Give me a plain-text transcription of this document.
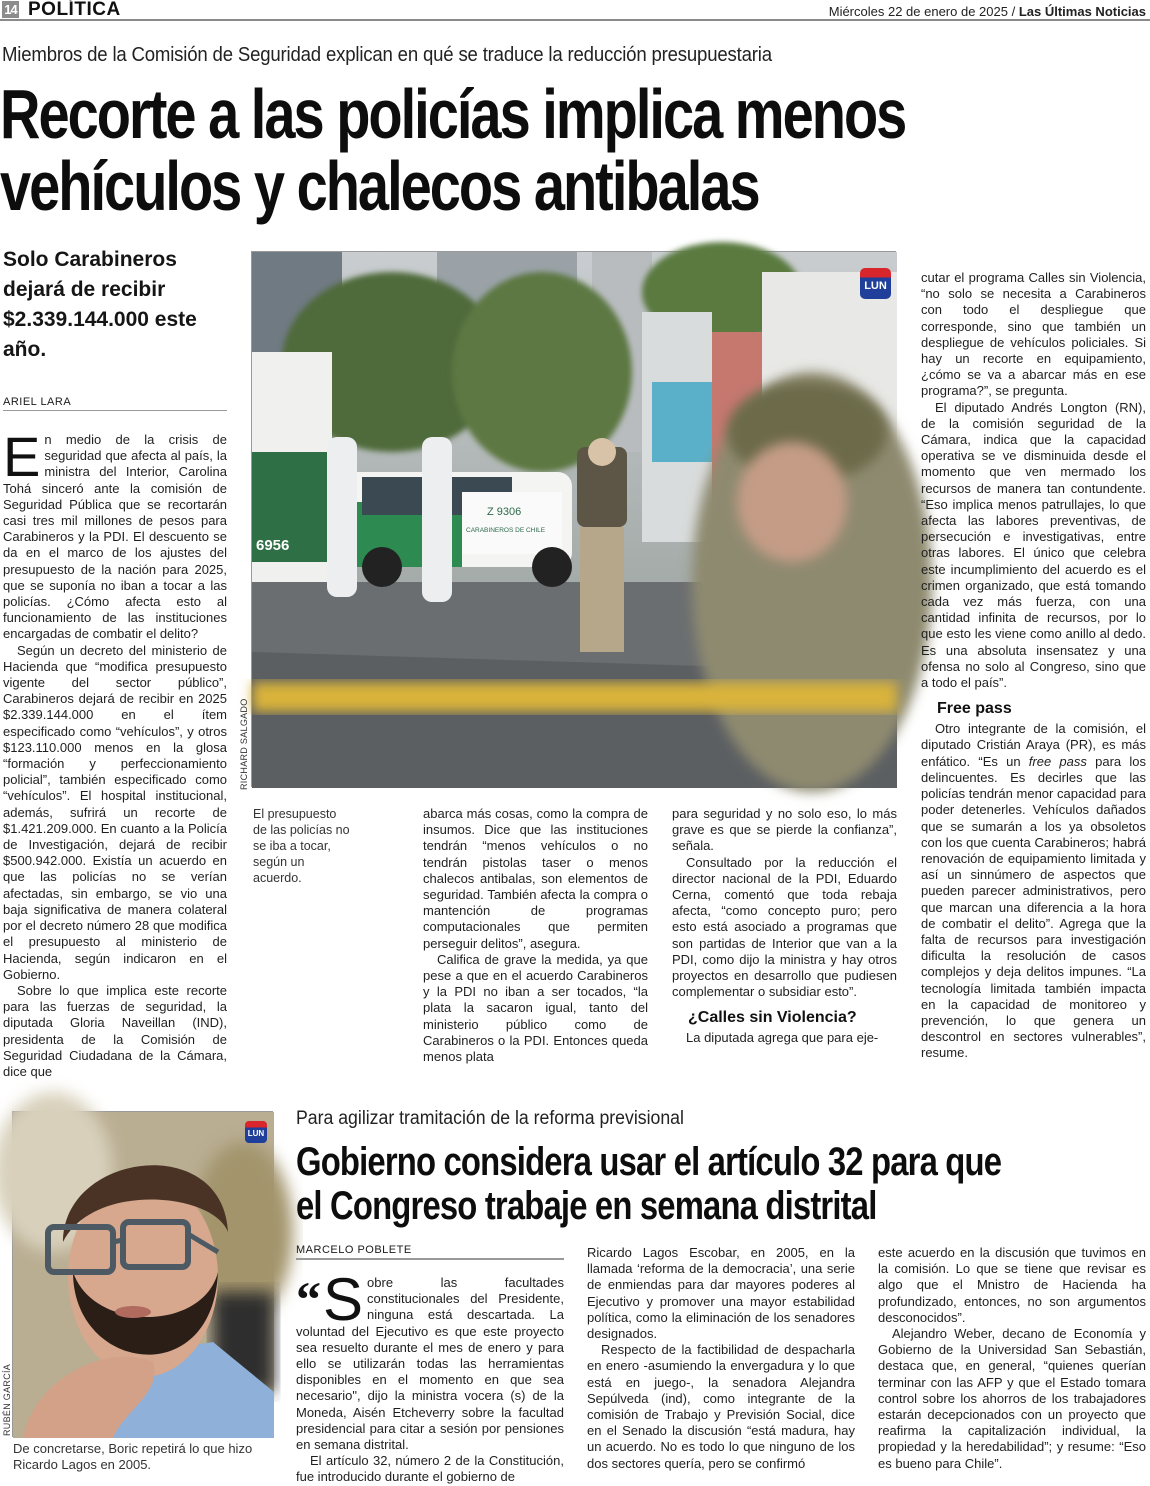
14 POLÍTICA	Miércoles 22 de enero de 2025 / Las Últimas Noticias
Miembros de la Comisión de Seguridad explican en qué se traduce la reducción presupuestaria
Recorte a las policías implica menos
vehículos y chalecos antibalas
Solo Carabineros dejará de recibir $2.339.144.000 este año.
ARIEL LARA

En medio de la crisis de seguridad que afecta al país, la ministra del Interior, Carolina Tohá sinceró ante la comisión de Seguridad Pública que se recortarán casi tres mil millones de pesos para Carabineros y la PDI. El descuento se da en el marco de los ajustes del presupuesto de la nación para 2025, que se suponía no iban a tocar a las policías. ¿Cómo afecta esto al funcionamiento de las instituciones encargadas de combatir el delito?

Según un decreto del ministerio de Hacienda que “modifica presupuesto vigente del sector público”, Carabineros dejará de recibir en 2025 $2.339.144.000 en el ítem especificado como “vehículos”, y otros $123.110.000 menos en la glosa “formación y perfeccionamiento policial”, también especificado como “vehículos”. El hospital institucional, además, sufrirá un recorte de $1.421.209.000. En cuanto a la Policía de Investigación, dejará de recibir $500.942.000. Existía un acuerdo en que las policías no se verían afectadas, sin embargo, se vio una baja significativa de manera colateral por el decreto número 28 que modifica el presupuesto al ministerio de Hacienda, según indicaron en el Gobierno.

Sobre lo que implica este recorte para las fuerzas de seguridad, la diputada Gloria Naveillan (IND), presidenta de la Comisión de Seguridad Ciudadana de la Cámara, dice que

6956
Z 9306
CARABINEROS DE CHILE
LUN
RICHARD SALGADO
El presupuesto de las policías no se iba a tocar, según un acuerdo.

abarca más cosas, como la compra de insumos. Dice que las instituciones tendrán “menos vehículos o no tendrán pistolas taser o menos chalecos antibalas, son elementos de seguridad. También afecta la compra o mantención de programas computacionales que permiten perseguir delitos”, asegura.

Califica de grave la medida, ya que pese a que en el acuerdo Carabineros y la PDI no iban a ser tocados, “la plata la sacaron igual, tanto del ministerio público como de Carabineros o la PDI. Entonces queda menos plata

para seguridad y no solo eso, lo más grave es que se pierde la confianza”, señala.

Consultado por la reducción el director nacional de la PDI, Eduardo Cerna, comentó que toda rebaja afecta, “como concepto puro; pero esto está asociado a programas que son partidas de Interior que van a la PDI, como dijo la ministra y hay otros proyectos en desarrollo que pudiesen complementar o subsidiar esto”.

¿Calles sin Violencia?

La diputada agrega que para eje-

cutar el programa Calles sin Violencia, “no solo se necesita a Carabineros con todo el despliegue que corresponde, sino que también un despliegue de vehículos policiales. Si hay un recorte en equipamiento, ¿cómo se va a abarcar más en ese programa?”, se pregunta.

El diputado Andrés Longton (RN), de la comisión seguridad de la Cámara, indica que la capacidad operativa se ve disminuida desde el momento que ven mermado los recursos de manera tan contundente. “Eso implica menos patrullajes, lo que afecta las labores preventivas, de persecución e investigativas, entre otras labores. El único que celebra este incumplimiento del acuerdo es el crimen organizado, que está tomando cada vez más fuerza, con una cantidad infinita de recursos, por lo que esto les viene como anillo al dedo. Es una absoluta insensatez y una ofensa no solo al Congreso, sino que a todo el país”.

Free pass

Otro integrante de la comisión, el diputado Cristián Araya (PR), es más enfático. “Es un free pass para los delincuentes. Es decirles que las policías tendrán menor capacidad para poder detenerles. Vehículos dañados que se sumarán a los ya obsoletos con los que cuenta Carabineros; habrá renovación de equipamiento limitada y así un sinnúmero de aspectos que pueden parecer administrativos, pero que marcan una diferencia a la hora de combatir el delito”. Agrega que la falta de recursos para investigación dificulta la resolución de casos complejos y deja delitos impunes. “La tecnología limitada también impacta en la capacidad de monitoreo y prevención, lo que genera un descontrol en sectores vulnerables”, resume.

LUN
RUBÉN GARCÍA
De concretarse, Boric repetirá lo que hizo Ricardo Lagos en 2005.
Para agilizar tramitación de la reforma previsional
Gobierno considera usar el artículo 32 para que
el Congreso trabaje en semana distrital
MARCELO POBLETE

“ S obre las facultades constitucionales del Presidente, ninguna está descartada. La voluntad del Ejecutivo es que este proyecto sea resuelto durante el mes de enero y para ello se utilizarán todas las herramientas disponibles en el momento en que sea necesario", dijo la ministra vocera (s) de la Moneda, Aisén Etcheverry sobre la facultad presidencial para citar a sesión por pensiones en semana distrital.

El artículo 32, número 2 de la Constitución, fue introducido durante el gobierno de

Ricardo Lagos Escobar, en 2005, en la llamada ‘reforma de la democracia’, una serie de enmiendas para dar mayores poderes al Ejecutivo y promover una mayor estabilidad política, como la eliminación de los senadores designados.

Respecto de la factibilidad de despacharla en enero -asumiendo la envergadura y lo que está en juego-, la senadora Alejandra Sepúlveda (ind), como integrante de la comisión de Trabajo y Previsión Social, dice en el Senado la discusión “está madura, hay un acuerdo. No es todo lo que ninguno de los dos sectores quería, pero se confirmó

este acuerdo en la discusión que tuvimos en la comisión. Lo que se tiene que revisar es algo que el Mnistro de Hacienda ha profundizado, entonces, no son argumentos desconocidos”.

Alejandro Weber, decano de Economía y Gobierno de la Universidad San Sebastián, destaca que, en general, “quienes querían terminar con las AFP y que el Estado tomara control sobre los ahorros de los trabajadores estarán decepcionados con un proyecto que reafirma la capitalización individual, la propiedad y la heredabilidad”; y resume: “Eso es bueno para Chile”.
